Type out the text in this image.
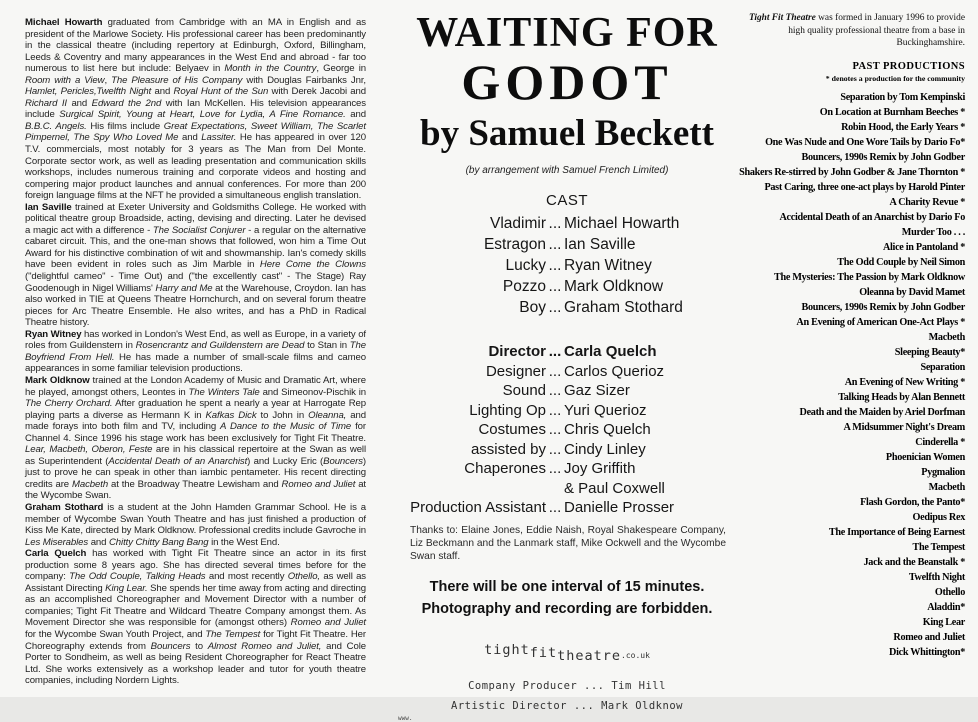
Michael Howarth graduated from Cambridge with an MA in English and as president of the Marlowe Society. His professional career has been predominantly in the classical theatre (including repertory at Edinburgh, Oxford, Billingham, Leeds & Coventry and many appearances in the West End and abroad - far too numerous to list here but include: Belyaev in Month in the Country, George in Room with a View, The Pleasure of His Company with Douglas Fairbanks Jnr, Hamlet, Pericles,Twelfth Night and Royal Hunt of the Sun with Derek Jacobi and Richard II and Edward the 2nd with Ian McKellen. His television appearances include Surgical Spirit, Young at Heart, Love for Lydia, A Fine Romance. and B.B.C. Angels. His films include Great Expectations, Sweet William, The Scarlet Pimpernel, The Spy Who Loved Me and Lassiter. He has appeared in over 120 T.V. commercials, most notably for 3 years as The Man from Del Monte. Corporate sector work, as well as leading presentation and communication skills workshops, includes numerous training and corporate videos and hosting and compering major product launches and annual conferences. For more than 200 foreign language films at the NFT he provided a simultaneous english translation.

Ian Saville trained at Exeter University and Goldsmiths College. He worked with political theatre group Broadside, acting, devising and directing. Later he devised a magic act with a difference - The Socialist Conjurer - a regular on the alternative cabaret circuit. This, and the one-man shows that followed, won him a Time Out Award for his distinctive combination of wit and showmanship. Ian's comedy skills have been evident in roles such as Jim Marble in Here Come the Clowns ("delightful cameo" - Time Out) and ("the excellently cast" - The Stage) Ray Goodenough in Nigel Williams' Harry and Me at the Warehouse, Croydon. Ian has also worked in TIE at Queens Theatre Hornchurch, and on several forum theatre pieces for Arc Theatre Ensemble. He also writes, and has a PhD in Radical Theatre history.

Ryan Witney has worked in London's West End, as well as Europe, in a variety of roles from Guildenstern in Rosencrantz and Guildenstern are Dead to Stan in The Boyfriend From Hell. He has made a number of small-scale films and cameo appearances in some familiar television productions.

Mark Oldknow trained at the London Academy of Music and Dramatic Art, where he played, amongst others, Leontes in The Winters Tale and Simeonov-Pischik in The Cherry Orchard. After graduation he spent a nearly a year at Harrogate Rep playing parts a diverse as Hermann K in Kafkas Dick to John in Oleanna, and made forays into both film and TV, including A Dance to the Music of Time for Channel 4. Since 1996 his stage work has been exclusively for Tight Fit Theatre. Lear, Macbeth, Oberon, Feste are in his classical repertoire at the Swan as well as Superintendent (Accidental Death of an Anarchist) and Lucky Eric (Bouncers) just to prove he can speak in other than iambic pentameter. His recent directing credits are Macbeth at the Broadway Theatre Lewisham and Romeo and Juliet at the Wycombe Swan.

Graham Stothard is a student at the John Hamden Grammar School. He is a member of Wycombe Swan Youth Theatre and has just finished a production of Kiss Me Kate, directed by Mark Oldknow. Professional credits include Gavroche in Les Miserables and Chitty Chitty Bang Bang in the West End.

Carla Quelch has worked with Tight Fit Theatre since an actor in its first production some 8 years ago. She has directed several times before for the company: The Odd Couple, Talking Heads and most recently Othello, as well as Assistant Directing King Lear. She spends her time away from acting and directing as an accomplished Choreographer and Movement Director with a number of companies; Tight Fit Theatre and Wildcard Theatre Company amongst them. As Movement Director she was responsible for (amongst others) Romeo and Juliet for the Wycombe Swan Youth Project, and The Tempest for Tight Fit Theatre. Her Choreography extends from Bouncers to Almost Romeo and Juliet, and Cole Porter to Sondheim, as well as being Resident Choreographer for React Theatre Ltd. She works extensively as a workshop leader and tutor for youth theatre companies, including Nordern Lights.

WAITING FOR
GODOT
by Samuel Beckett
(by arrangement with Samuel French Limited)
CAST
Vladimir ... Michael Howarth
Estragon ... Ian Saville
Lucky ... Ryan Witney
Pozzo ... Mark Oldknow
Boy ... Graham Stothard
Director ... Carla Quelch
Designer ... Carlos Querioz
Sound ... Gaz Sizer
Lighting Op ... Yuri Querioz
Costumes ... Chris Quelch
assisted by ... Cindy Linley
Chaperones ... Joy Griffith
& Paul Coxwell
Production Assistant ... Danielle Prosser
Thanks to: Elaine Jones, Eddie Naish, Royal Shakespeare Company, Liz Beckmann and the Lanmark staff, Mike Ockwell and the Wycombe Swan staff.
There will be one interval of 15 minutes.
Photography and recording are forbidden.
tight
www.
fittheatre.co.uk
Company Producer ... Tim Hill
Artistic Director ... Mark Oldknow
Tight Fit Theatre was formed in January 1996 to provide high quality professional theatre from a base in Buckinghamshire.
PAST PRODUCTIONS
* denotes a production for the community
Separation by Tom Kempinski
On Location at Burnham Beeches *
Robin Hood, the Early Years *
One Was Nude and One Wore Tails by Dario Fo*
Bouncers, 1990s Remix by John Godber
Shakers Re-stirred by John Godber & Jane Thornton *
Past Caring, three one-act plays by Harold Pinter
A Charity Revue *
Accidental Death of an Anarchist by Dario Fo
Murder Too . . .
Alice in Pantoland *
The Odd Couple by Neil Simon
The Mysteries: The Passion by Mark Oldknow
Oleanna by David Mamet
Bouncers, 1990s Remix by John Godber
An Evening of American One-Act Plays *
Macbeth
Sleeping Beauty*
Separation
An Evening of New Writing *
Talking Heads by Alan Bennett
Death and the Maiden by Ariel Dorfman
A Midsummer Night's Dream
Cinderella *
Phoenician Women
Pygmalion
Macbeth
Flash Gordon, the Panto*
Oedipus Rex
The Importance of Being Earnest
The Tempest
Jack and the Beanstalk *
Twelfth Night
Othello
Aladdin*
King Lear
Romeo and Juliet
Dick Whittington*
